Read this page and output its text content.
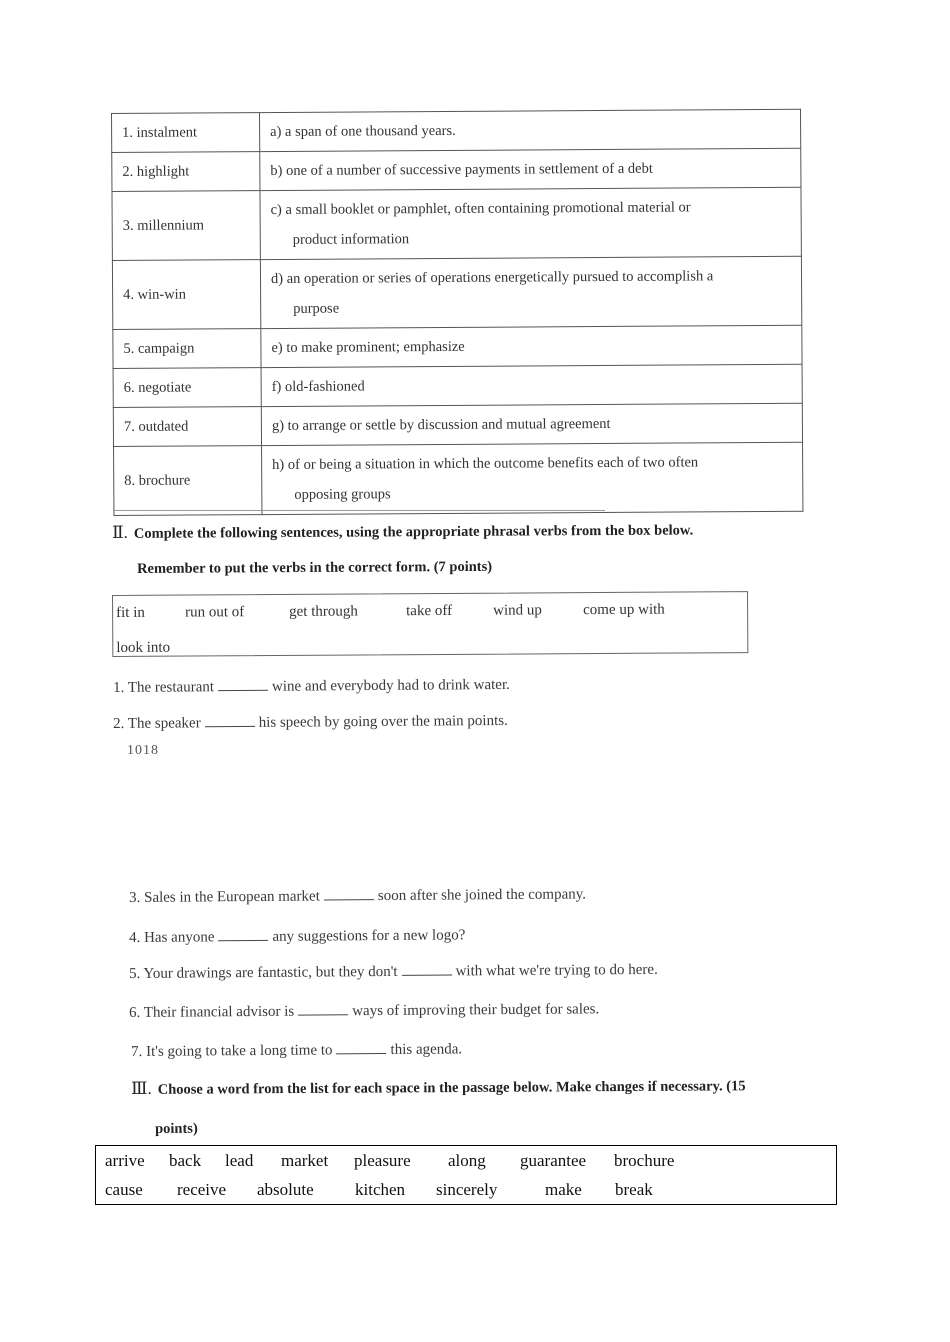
1. instalment	a) a span of one thousand years.

2. highlight	b) one of a number of successive payments in settlement of a debt

3. millennium	c) a small booklet or pamphlet, often containing promotional material or
product information

4. win-win	d) an operation or series of operations energetically pursued to accomplish a
purpose

5. campaign	e) to make prominent; emphasize

6. negotiate	f) old-fashioned

7. outdated	g) to arrange or settle by discussion and mutual agreement

8. brochure	h) of or being a situation in which the outcome benefits each of two often
opposing groups
Ⅱ. Complete the following sentences, using the appropriate phrasal verbs from the box below.
Remember to put the verbs in the correct form. (7 points)
fit in	run out of	get through	take off	wind up	come up with
look into
1. The restaurant	wine and everybody had to drink water.
2. The speaker	his speech by going over the main points.
1018
3. Sales in the European market	soon after she joined the company.
4. Has anyone	any suggestions for a new logo?
5. Your drawings are fantastic, but they don't	with what we're trying to do here.
6. Their financial advisor is	ways of improving their budget for sales.
7. It's going to take a long time to	this agenda.
Ⅲ. Choose a word from the list for each space in the passage below. Make changes if necessary. (15
points)
arrive back lead market pleasure along guarantee brochure
cause receive absolute kitchen sincerely	make break
